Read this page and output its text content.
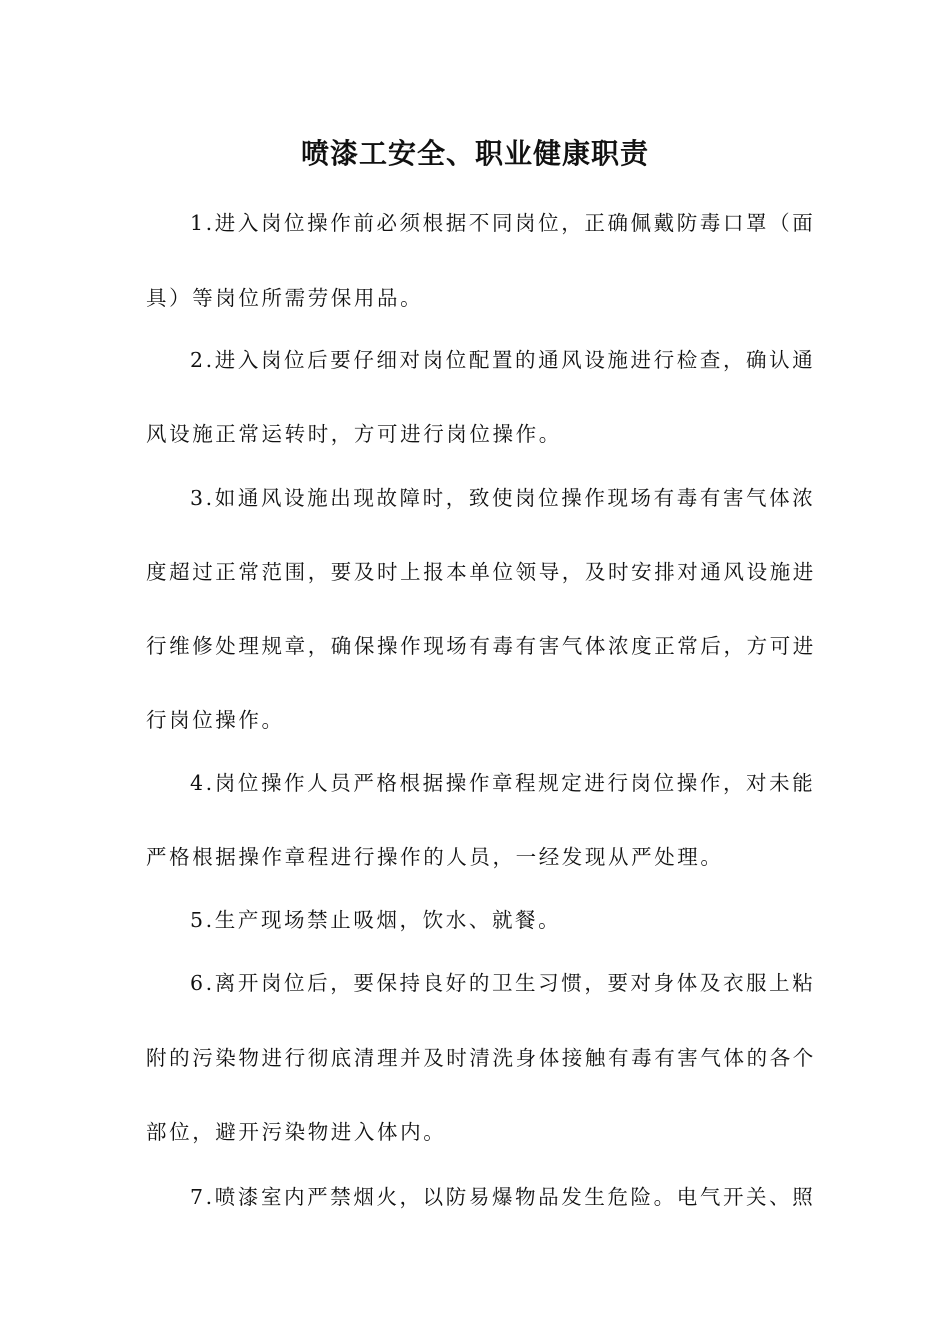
喷漆工安全、职业健康职责

1.进入岗位操作前必须根据不同岗位，正确佩戴防毒口罩（面

具）等岗位所需劳保用品。

2.进入岗位后要仔细对岗位配置的通风设施进行检查，确认通

风设施正常运转时，方可进行岗位操作。

3.如通风设施出现故障时，致使岗位操作现场有毒有害气体浓

度超过正常范围，要及时上报本单位领导，及时安排对通风设施进

行维修处理规章，确保操作现场有毒有害气体浓度正常后，方可进

行岗位操作。

4.岗位操作人员严格根据操作章程规定进行岗位操作，对未能

严格根据操作章程进行操作的人员，一经发现从严处理。

5.生产现场禁止吸烟，饮水、就餐。

6.离开岗位后，要保持良好的卫生习惯，要对身体及衣服上粘

附的污染物进行彻底清理并及时清洗身体接触有毒有害气体的各个

部位，避开污染物进入体内。

7.喷漆室内严禁烟火，以防易爆物品发生危险。电气开关、照
